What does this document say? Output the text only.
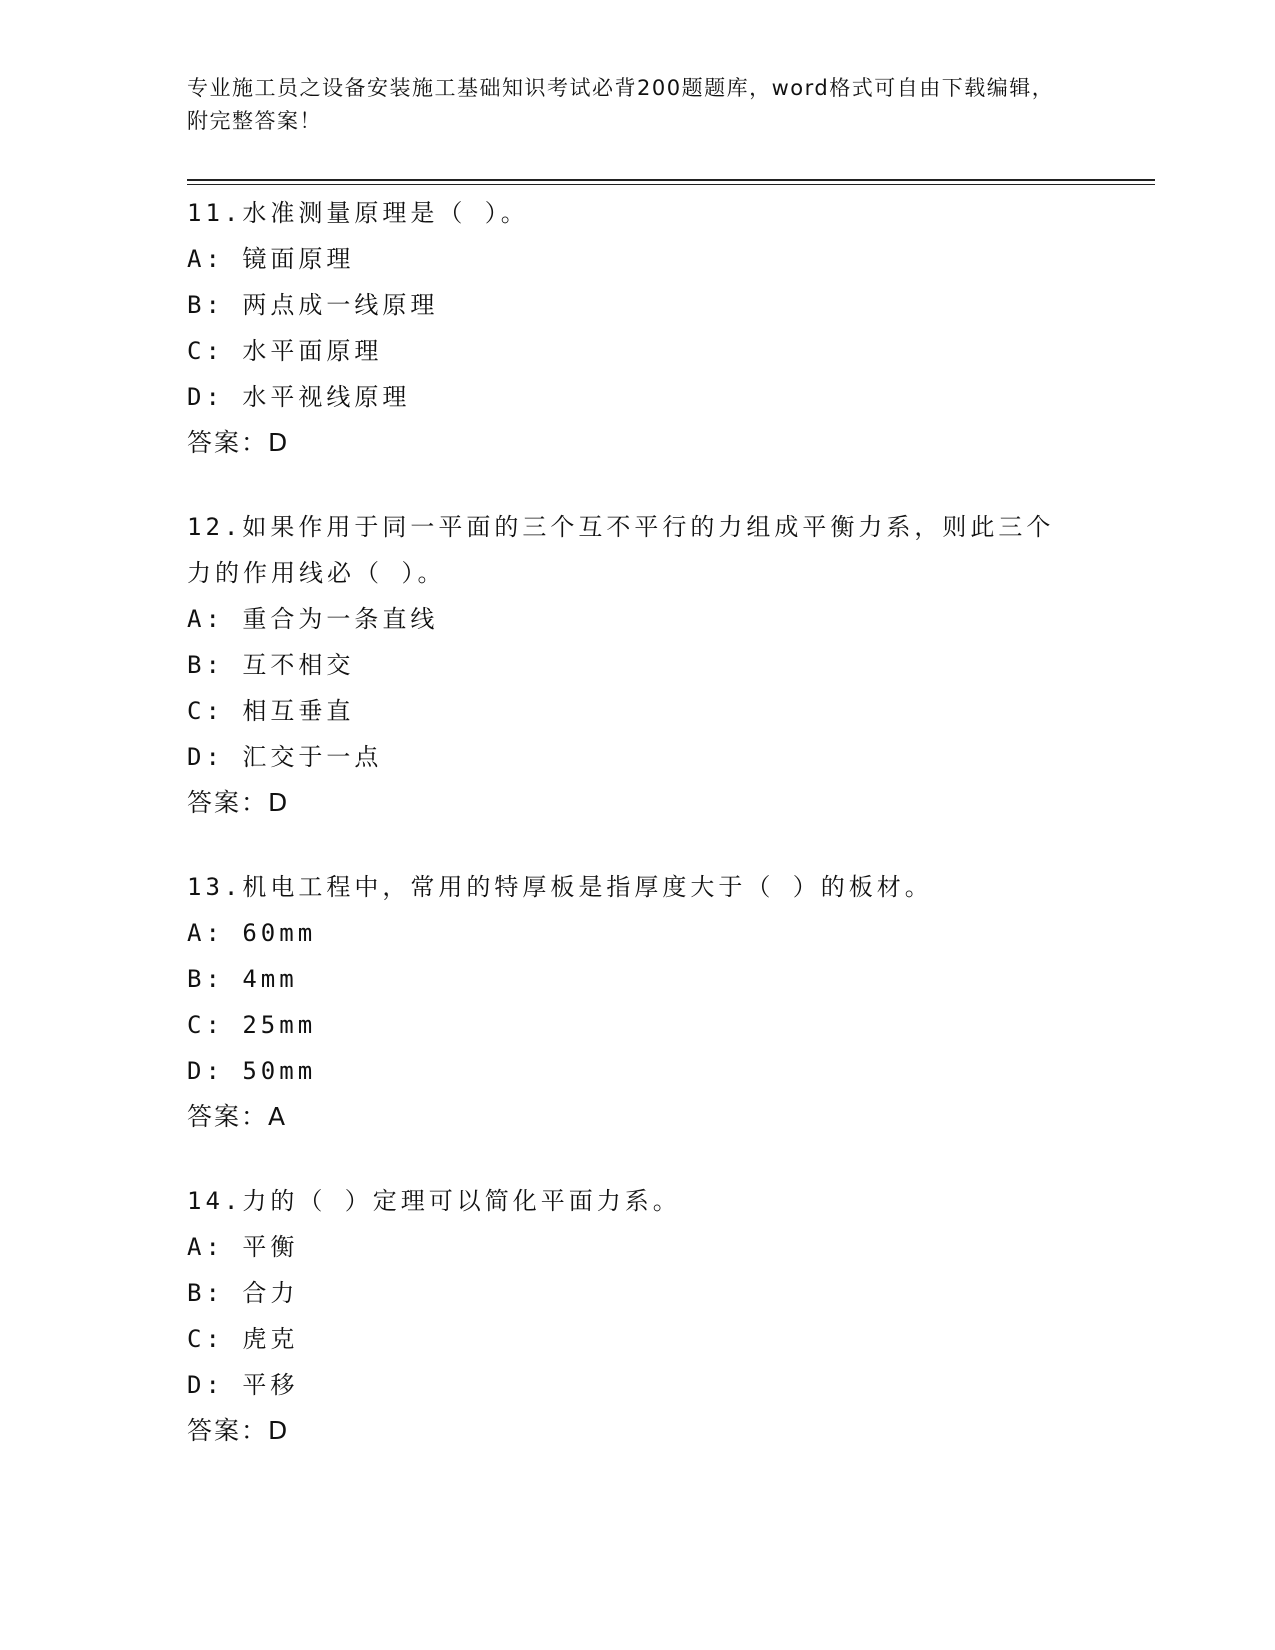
专业施工员之设备安装施工基础知识考试必背200题题库，word格式可自由下载编辑，附完整答案！
11.水准测量原理是（ ）。
A: 镜面原理
B: 两点成一线原理
C: 水平面原理
D: 水平视线原理
答案：D
12.如果作用于同一平面的三个互不平行的力组成平衡力系，则此三个力的作用线必（ ）。
A: 重合为一条直线
B: 互不相交
C: 相互垂直
D: 汇交于一点
答案：D
13.机电工程中，常用的特厚板是指厚度大于（ ）的板材。
A: 60mm
B: 4mm
C: 25mm
D: 50mm
答案：A
14.力的（ ）定理可以简化平面力系。
A: 平衡
B: 合力
C: 虎克
D: 平移
答案：D
